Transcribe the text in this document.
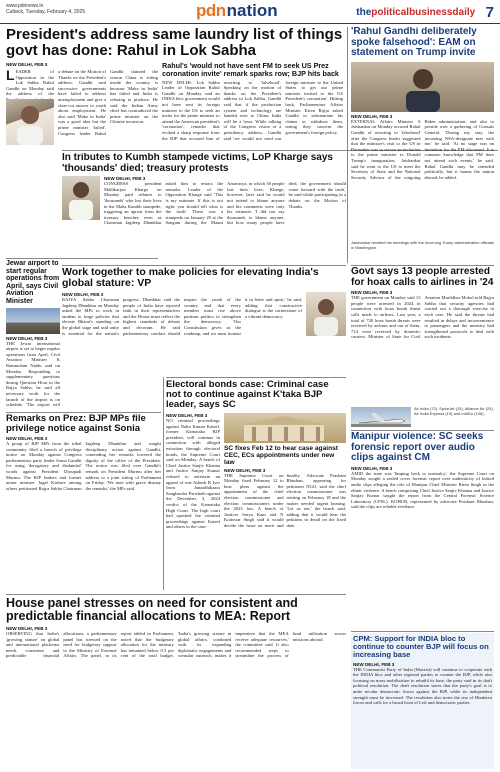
www.pdnnews.in
Cuttack, Tuesday, February 4, 2025	pdnnation	thepoliticalbusinessdaily 7
President's address same laundry list of things govt has done: Rahul in Lok Sabha
NEW DELHI, FEB 3
LEADER of Opposition in the Lok Sabha Rahul Gandhi on Monday said the address of the a debate on the Motion of Thanks on the President's address, Gandhi said successive governments have failed to address unemployment and give a clear-cut answer to youth about employment. He also said 'Make in India' was a good idea but the prime minister 'failed'. Congress leader Rahul Gandhi claimed the reason China is sitting inside the country is because 'Make in India' has failed and India is refusing to produce. He said the Indian Army chief has contradicted the prime minister on the Chinese incursion.
Rahul's 'would not have sent FM to seek US Prez coronation invite' remark sparks row; BJP hits back
NEW DELHI: Lok Sabha Leader of Opposition Rahul Gandhi on Monday said an INDIA bloc government would not have sent its foreign minister to the US to seek an invite for the prime minister to attend the American president's 'coronation', remarks that evoked a sharp response from the BJP that accused him of resorting to 'falsehood'. Speaking on the motion of thanks on the President's address in Lok Sabha, Gandhi said that if the production system and technology are handed over to China, India will be a loser. While talking of the Congress vision of a presidency address, Gandhi said 'we would not send our foreign minister to the United States to get our prime minister invited to the US President's coronation'. Hitting back, Parliamentary Affairs Minister Kiren Rijiju asked Gandhi to substantiate his claims or withdraw them, noting they concern the government's foreign policy.
Jewar airport to start regular operations from April, says Civil Aviation Minister
NEW DELHI, FEB 3
THE Jewar international airport is set to begin regular operations from April, Civil Aviation Minister K Rammohan Naidu said on Monday. Responding to supplementary questions during Question Hour in the Rajya Sabha, he said all necessary work for the launch of the airport is on schedule. 'The airport will
In tributes to Kumbh stampede victims, LoP Kharge says 'thousands' died; treasury protests
NEW DELHI, FEB 3
CONGRESS president Mallikarjun Kharge on Monday paid tributes to 'thousands' who lost their lives in the Maha Kumbh stampede, triggering an uproar from the treasury benches even as Chairman Jagdeep Dhankhar asked him to retract the remarks. Leader of the Opposition Kharge said 'This is my estimate. If this is not right, you should tell what is the truth'. There was a stampede on January 29 at the Sangam during the Mauni Amavasya, in which 30 people lost their lives. Kharge, however, later said he would not intend to blame anyone and his comments were only his estimate. 'I did not say thousands to blame anyone, but how many people have died, the government should come forward with the truth,' he said while participating in a debate on the Motion of Thanks.
Work together to make policies for elevating India's global stature: VP
NEW DELHI, FEB 3
RAJYA Sabha Chairman Jagdeep Dhankhar on Monday asked the MPs to work in tandem to forge policies that elevate Bharat's standing on the global stage and said unity is essential for the nation's progress. Dhankhar said the people of India have reposed faith in their representatives and the House must reflect the highest standards of debate and decorum. He said parliamentary conduct should inspire the youth of the country and that every member must rise above partisan politics to strengthen the democracy. 'Our Constitution gives us the roadmap, and we must honour it in letter and spirit,' he said, adding that constructive dialogue is the cornerstone of a vibrant democracy.
'Rahul Gandhi deliberately spoke falsehood': EAM on statement on Trump invite
NEW DELHI, FEB 3
EXTERNAL Affairs Minister S Jaishankar on Monday accused Rahul Gandhi of resorting to 'falsehood' after the Congress leader suggested that the minister's visit to the US in December was to secure an invitation to the prime minister to Donald Trump's inauguration. Jaishankar said he went to the US to meet the Secretary of State and the National Security Advisor of the outgoing Biden administration, and also to preside over a gathering of Consuls General. 'During my stay, the incoming NSA-designate met with me,' he said. 'At no stage was an invitation for the PM discussed. It is common knowledge that PM does not attend such events,' he said. Rahul Gandhi may be intended politically, but it harms the nation abroad, he added.
Jaishankar recalled his meetings with the incoming Trump administration officials in Washington.
Govt says 13 people arrested for hoax calls to airlines in '24
NEW DELHI, FEB 3
THE government on Monday said 13 people were arrested in 2024 in connection with hoax bomb threat calls made to airlines. Last year, a total of 728 hoax bomb threats were received by airlines and out of them, 714 were received by domestic carriers. Minister of State for Civil Aviation Murlidhar Mohol told Rajya Sabha that security agencies had carried out a thorough exercise in each case. He said the threats had resulted in delays and inconvenience to passengers and the ministry had strengthened protocols to deal with such incidents.
Air India (72), SpiceJet (15), Alliance Air (25), Air India Express (19) and IndiGo (146).
Remarks on Prez: BJP MPs file privilege notice against Sonia
NEW DELHI, FEB 3
A group of BJP MPs from the tribal community filed a breach of privilege notice on Monday against Congress parliamentary party leader Sonia Gandhi for using 'derogatory and disdainful' words against President Droupadi Murmu. The BJP leaders and former union minister Jugal Kishore among others petitioned Rajya Sabha Chairman Jagdeep Dhankhar and sought disciplinary action against Gandhi, contending her remarks lowered the dignity of the office of the President. The notice was filed over Gandhi's remark on President Murmu after her address to a joint sitting of Parliament on Friday. 'We note with grave dismay the remarks,' the MPs said.
Electoral bonds case: Criminal case not to continue against K'taka BJP leader, says SC
NEW DELHI, FEB 3
NO criminal proceedings against Nalin Kumar Kateel, former Karnataka BJP president, will continue in connection with alleged extortion through electoral bonds, the Supreme Court said on Monday. A bench of Chief Justice Sanjiv Khanna and Justice Sanjay Kumar refused to entertain an appeal of one Adarsh R Iyer from Janaadhikaara Sangharsha Parishath against the December 3, 2024 verdict of the Karnataka High Court. The high court had quashed the criminal proceedings against Kateel and others in the case.
SC fixes Feb 12 to hear case against CEC, ECs appointments under new law
NEW DELHI, FEB 3
THE Supreme Court on Monday fixed February 12 to hear pleas against the appointment of the chief election commissioner and election commissioners under the 2023 law. A bench of Justices Surya Kant and N Kotiswar Singh said it would decide the issue on merit and finality. Advocate Prashant Bhushan, appearing for petitioner NGO, said the chief election commissioner was retiring on February 18 and the matter needed urgent hearing. 'Let us see,' the bench said, adding that it would hear the petitions in detail on the fixed date.
Manipur violence: SC seeks forensic report over audio clips against CM
NEW DELHI, FEB 3
AMID the state was 'limping back to normalcy', the Supreme Court on Monday sought a sealed cover forensic report over authenticity of leaked audio clips alleging the role of Manipur Chief Minister Biren Singh in the ethnic violence. A bench comprising Chief Justice Sanjiv Khanna and Justice Sanjay Kumar sought the report from the Central Forensic Science Laboratory (CFSL). KOHUR, represented by advocate Prashant Bhushan, said the clips are reliable evidence.
House panel stresses on need for consistent and predictable financial allocations to MEA: Report
NEW DELHI, FEB 3
OBSERVING that India's 'growing stature' on global and international platforms needs consistent and predictable financial allocations, a parliamentary panel has stressed on the need for budgetary support to the Ministry of External Affairs. The panel, in its report tabled in Parliament, noted that the budgetary allocation for the ministry has remained below 0.5 per cent of the total budget. 'India's growing stature in global affairs, combined with its expanding diplomatic engagements and consular outreach, makes it imperative that the MEA receive adequate resources,' the committee said. It also recommended steps to streamline the process of fund utilisation across missions abroad.	CPM: Support for INDIA bloc to continue to counter BJP will focus on increasing base
NEW DELHI, FEB 3
THE Communist Party of India (Marxist) will continue to cooperate with the INDIA bloc and other regional parties to counter the BJP, while also focusing on mass mobilisation to rebuild its base, the party said in its draft political resolution. The draft resolution states that the party's goal is to unite secular democratic forces against the BJP, while its independent strength must be increased. The resolution also notes the rise of Hindutva forces and calls for a broad front of Left and democratic parties.
